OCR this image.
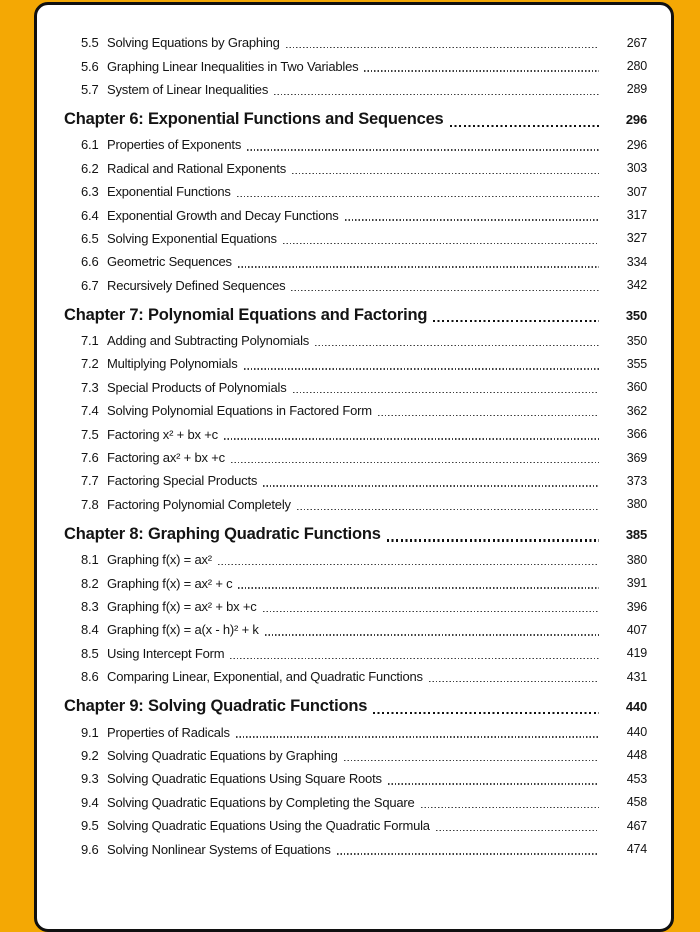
5.5 Solving Equations by Graphing	267
5.6 Graphing Linear Inequalities in Two Variables	280
5.7 System of Linear Inequalities	289
Chapter 6: Exponential Functions and Sequences	296
6.1 Properties of Exponents	296
6.2 Radical and Rational Exponents	303
6.3 Exponential Functions	307
6.4 Exponential Growth and Decay Functions	317
6.5 Solving Exponential Equations	327
6.6 Geometric Sequences	334
6.7 Recursively Defined Sequences	342
Chapter 7: Polynomial Equations and Factoring	350
7.1 Adding and Subtracting Polynomials	350
7.2 Multiplying Polynomials	355
7.3 Special Products of Polynomials	360
7.4 Solving Polynomial Equations in Factored Form	362
7.5 Factoring x² + bx +c	366
7.6 Factoring ax² + bx +c	369
7.7 Factoring Special Products	373
7.8 Factoring Polynomial Completely	380
Chapter 8: Graphing Quadratic Functions	385
8.1 Graphing f(x) = ax²	380
8.2 Graphing f(x) = ax² + c	391
8.3 Graphing f(x) = ax² + bx +c	396
8.4 Graphing f(x) = a(x - h)² + k	407
8.5 Using Intercept Form	419
8.6 Comparing Linear, Exponential, and Quadratic Functions	431
Chapter 9: Solving Quadratic Functions	440
9.1 Properties of Radicals	440
9.2 Solving Quadratic Equations by Graphing	448
9.3 Solving Quadratic Equations Using Square Roots	453
9.4 Solving Quadratic Equations by Completing the Square	458
9.5 Solving Quadratic Equations Using the Quadratic Formula	467
9.6 Solving Nonlinear Systems of Equations	474
